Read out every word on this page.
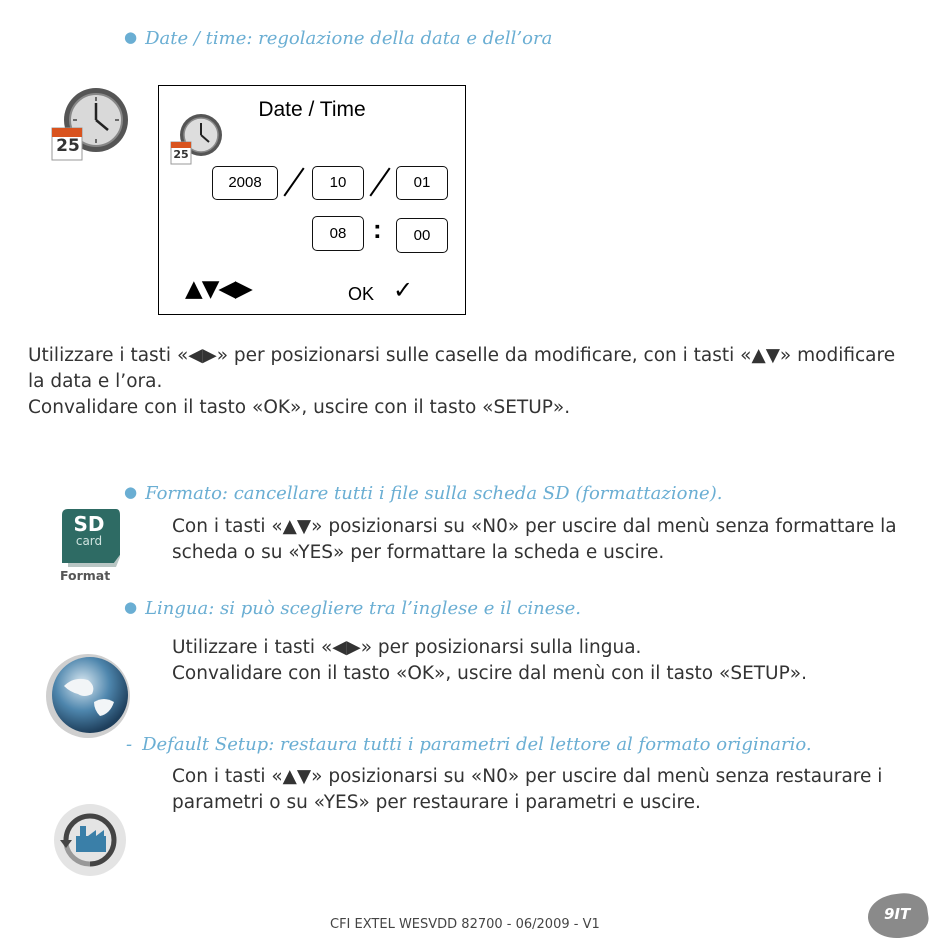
● Date / time: regolazione della data e dell’ora
25
Date / Time
25
2008	10	01
08	:	00
▲▼◀▶	OK ✓
Utilizzare i tasti «◀▶» per posizionarsi sulle caselle da modificare, con i tasti «▲▼» modificare
la data e l’ora.
Convalidare con il tasto «OK», uscire con il tasto «SETUP».
● Formato: cancellare tutti i file sulla scheda SD (formattazione).
SD
card
Format
Con i tasti «▲▼» posizionarsi su «N0» per uscire dal menù senza formattare la
scheda o su «YES» per formattare la scheda e uscire.
● Lingua: si può scegliere tra l’inglese e il cinese.
Utilizzare i tasti «◀▶» per posizionarsi sulla lingua.
Convalidare con il tasto «OK», uscire dal menù con il tasto «SETUP».
- Default Setup: restaura tutti i parametri del lettore al formato originario.
Con i tasti «▲▼» posizionarsi su «N0» per uscire dal menù senza restaurare i
parametri o su «YES» per restaurare i parametri e uscire.
CFI EXTEL WESVDD 82700 - 06/2009 - V1
9IT
